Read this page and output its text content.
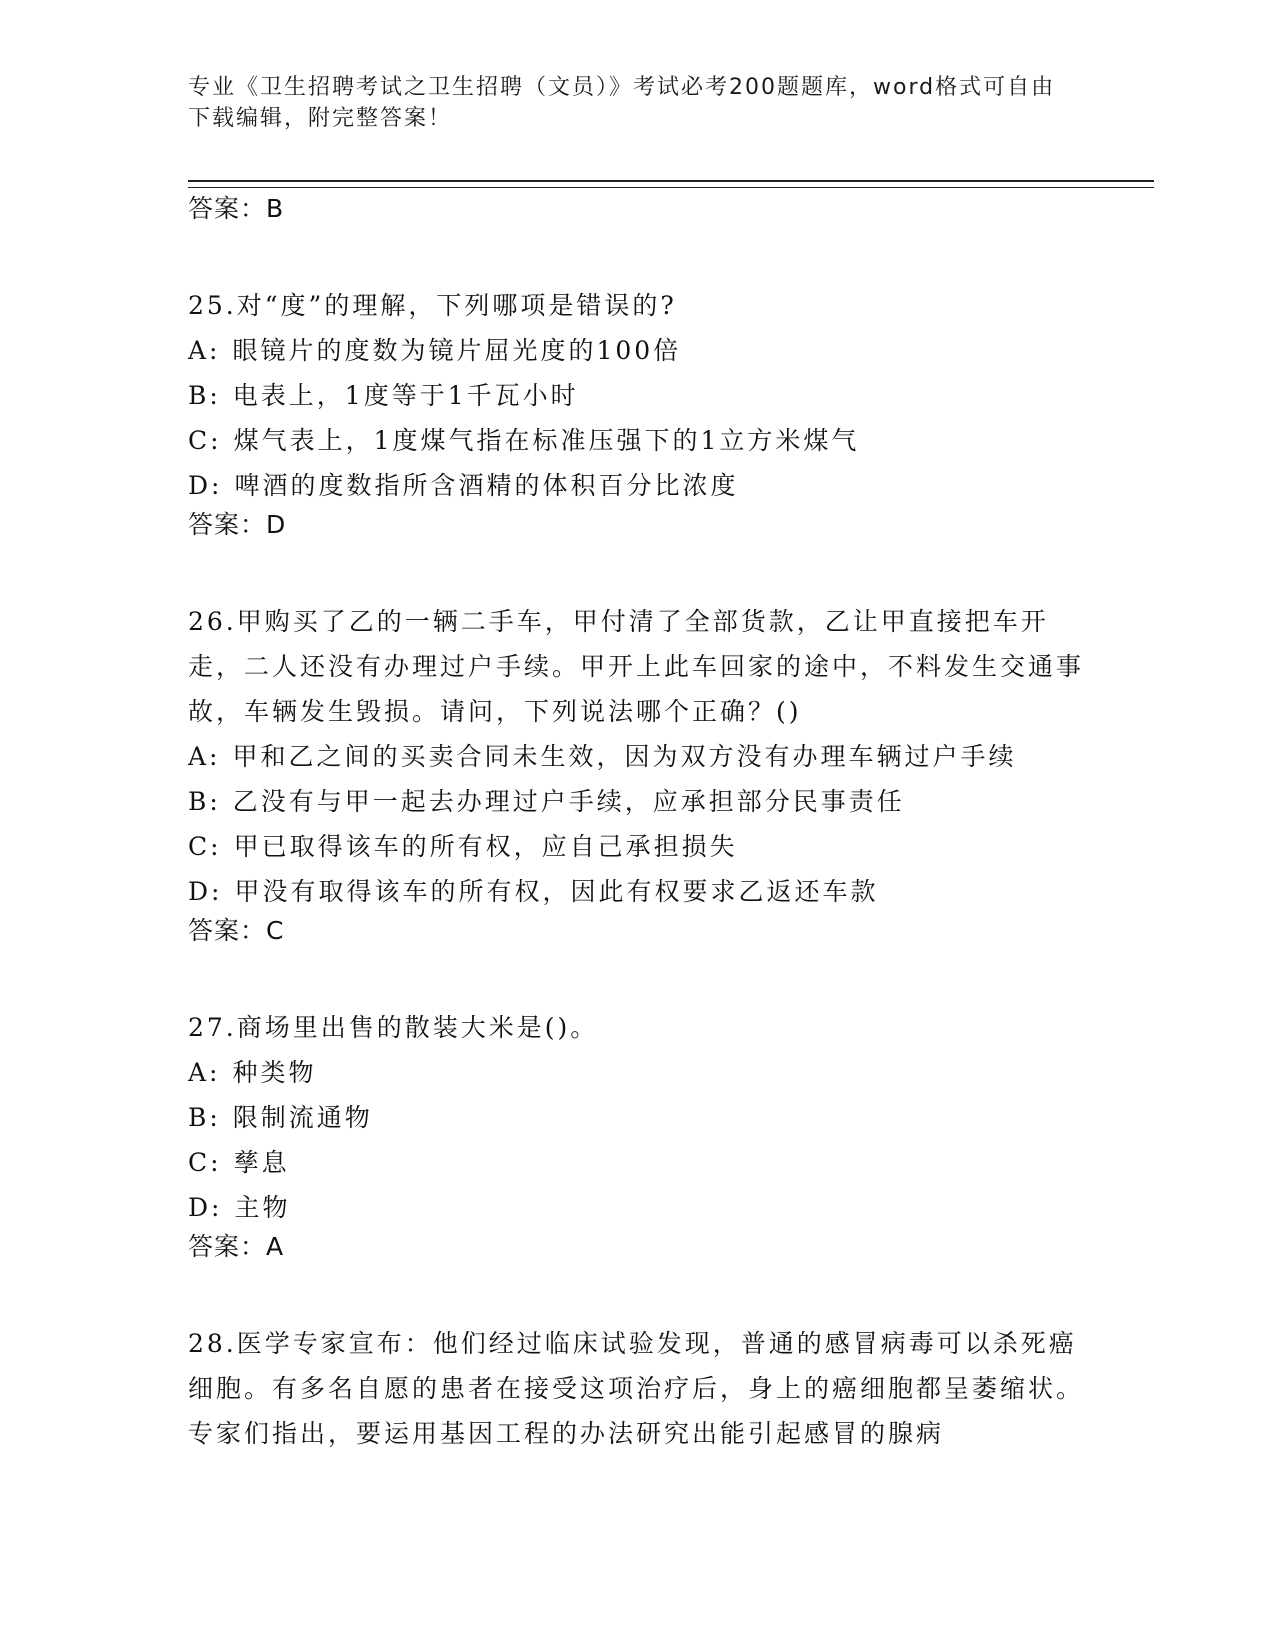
专业《卫生招聘考试之卫生招聘（文员）》考试必考200题题库，word格式可自由下载编辑，附完整答案！

答案：B

25.对“度”的理解，下列哪项是错误的?

A: 眼镜片的度数为镜片屈光度的100倍

B: 电表上，1度等于1千瓦小时

C: 煤气表上，1度煤气指在标准压强下的1立方米煤气

D: 啤酒的度数指所含酒精的体积百分比浓度

答案：D

26.甲购买了乙的一辆二手车，甲付清了全部货款，乙让甲直接把车开走，二人还没有办理过户手续。甲开上此车回家的途中，不料发生交通事故，车辆发生毁损。请问，下列说法哪个正确？()

A: 甲和乙之间的买卖合同未生效，因为双方没有办理车辆过户手续

B: 乙没有与甲一起去办理过户手续，应承担部分民事责任

C: 甲已取得该车的所有权，应自己承担损失

D: 甲没有取得该车的所有权，因此有权要求乙返还车款

答案：C

27.商场里出售的散装大米是()。

A: 种类物

B: 限制流通物

C: 孳息

D: 主物

答案：A

28.医学专家宣布：他们经过临床试验发现，普通的感冒病毒可以杀死癌细胞。有多名自愿的患者在接受这项治疗后，身上的癌细胞都呈萎缩状。专家们指出，要运用基因工程的办法研究出能引起感冒的腺病
